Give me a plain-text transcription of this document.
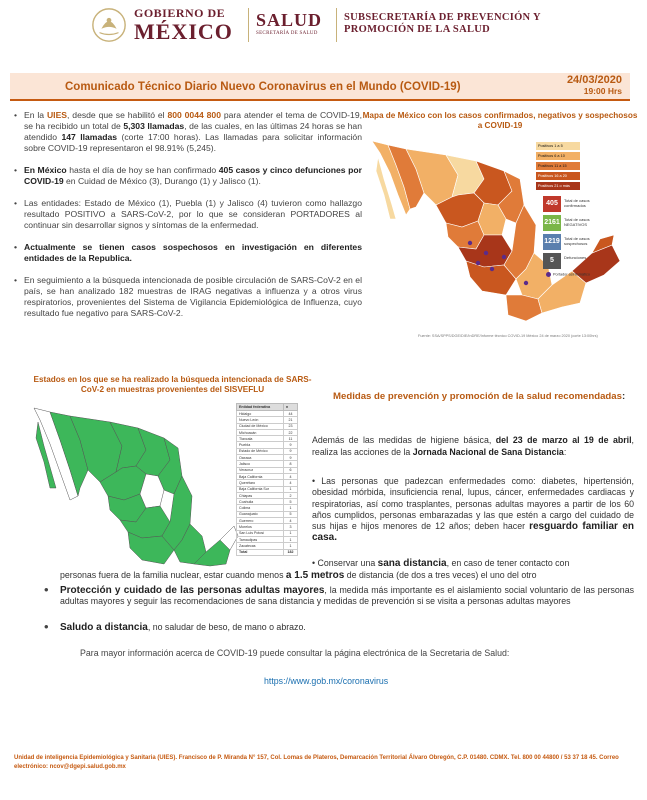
GOBIERNO DE
MÉXICO SALUD
SECRETARÍA DE SALUD
SUBSECRETARÍA DE PREVENCIÓN Y
PROMOCIÓN DE LA SALUD
Comunicado Técnico Diario Nuevo Coronavirus en el Mundo (COVID-19)
24/03/2020
19:00 Hrs
• En la UIES, desde que se habilitó el 800 0044 800 para atender el tema de COVID-19, se ha recibido un total de 5,303 llamadas, de las cuales, en las últimas 24 horas se han atendido 147 llamadas (corte 17:00 horas). Las llamadas para solicitar información sobre COVID-19 representaron el 98.91% (5,245).
• En México hasta el día de hoy se han confirmado 405 casos y cinco defunciones por COVID-19 en Cuidad de México (3), Durango (1) y Jalisco (1).
• Las entidades: Estado de México (1), Puebla (1) y Jalisco (4) tuvieron como hallazgo resultado POSITIVO a SARS-CoV-2, por lo que se consideran PORTADORES al continuar sin desarrollar signos y síntomas de la enfermedad.
• Actualmente se tienen casos sospechosos en investigación en diferentes entidades de la Republica.
• En seguimiento a la búsqueda intencionada de posible circulación de SARS-CoV-2 en el país, se han analizado 182 muestras de IRAG negativas a influenza y a otros virus respiratorios, provenientes del Sistema de Vigilancia Epidemiológica de Influenza, cuyo resultado fue negativo para SARS-CoV-2.
Mapa de México con los casos confirmados, negativos y sospechosos a COVID-19
Positivos 1 a 5
Positivos 6 a 10
Positivos 11 a 15
Positivos 16 a 20
Positivos 21 o más
405	Total de casos confirmados
2161	Total de casos NEGATIVOS
1219	Total de casos sospechosos
5	Defunciones
Portador asintomático
Fuente: SSA/SPPS/DGE/DIE/InDRE/Informe técnico COVID-19 México 24 de marzo 2020 (corte 13:00hrs)
Estados en los que se ha realizado la búsqueda intencionada de SARS-CoV-2 en muestras provenientes del SISVEFLU
Entidad federativa	n
Hidalgo	44
Nuevo León	21
Ciudad de México	23
Michoacán	22
Tlaxcala	11
Puebla	9
Estado de México	9
Oaxaca	9
Jalisco	8
Veracruz	6
Baja California	4
Querétaro	4
Baja California Sur	1
Chiapas	2
Coahuila	5
Colima	1
Guanajuato	5
Guerrero	4
Morelos	3
San Luis Potosí	1
Tamaulipas	1
Zacatecas	1
Total	182
Medidas de prevención y promoción de la salud recomendadas:
Además de las medidas de higiene básica, del 23 de marzo al 19 de abril, realiza las acciones de la Jornada Nacional de Sana Distancia:
• Las personas que padezcan enfermedades como: diabetes, hipertensión, obesidad mórbida, insuficiencia renal, lupus, cáncer, enfermedades cardiacas y respiratorias, así como trasplantes, personas adultas mayores a partir de los 60 años cumplidos, personas embarazadas y las que estén a cargo del cuidado de sus hijas e hijos menores de 12 años; deben hacer resguardo familiar en casa.
• Conservar una sana distancia, en caso de tener contacto con
personas fuera de la familia nuclear, estar cuando menos a 1.5 metros de distancia (de dos a tres veces) el uno del otro
• Protección y cuidado de las personas adultas mayores, la medida más importante es el aislamiento social voluntario de las personas adultas mayores y seguir las recomendaciones de sana distancia y medidas de prevención si se visita a personas adultas mayores
• Saludo a distancia, no saludar de beso, de mano o abrazo.
Para mayor información acerca de COVID-19 puede consultar la página electrónica de la Secretaria de Salud:
https://www.gob.mx/coronavirus
Unidad de inteligencia Epidemiológica y Sanitaria (UIES). Francisco de P. Miranda N° 157, Col. Lomas de Plateros, Demarcación Territorial Álvaro Obregón, C.P. 01480. CDMX. Tel. 800 00 44800 / 53 37 18 45. Correo electrónico: ncov@dgepi.salud.gob.mx
